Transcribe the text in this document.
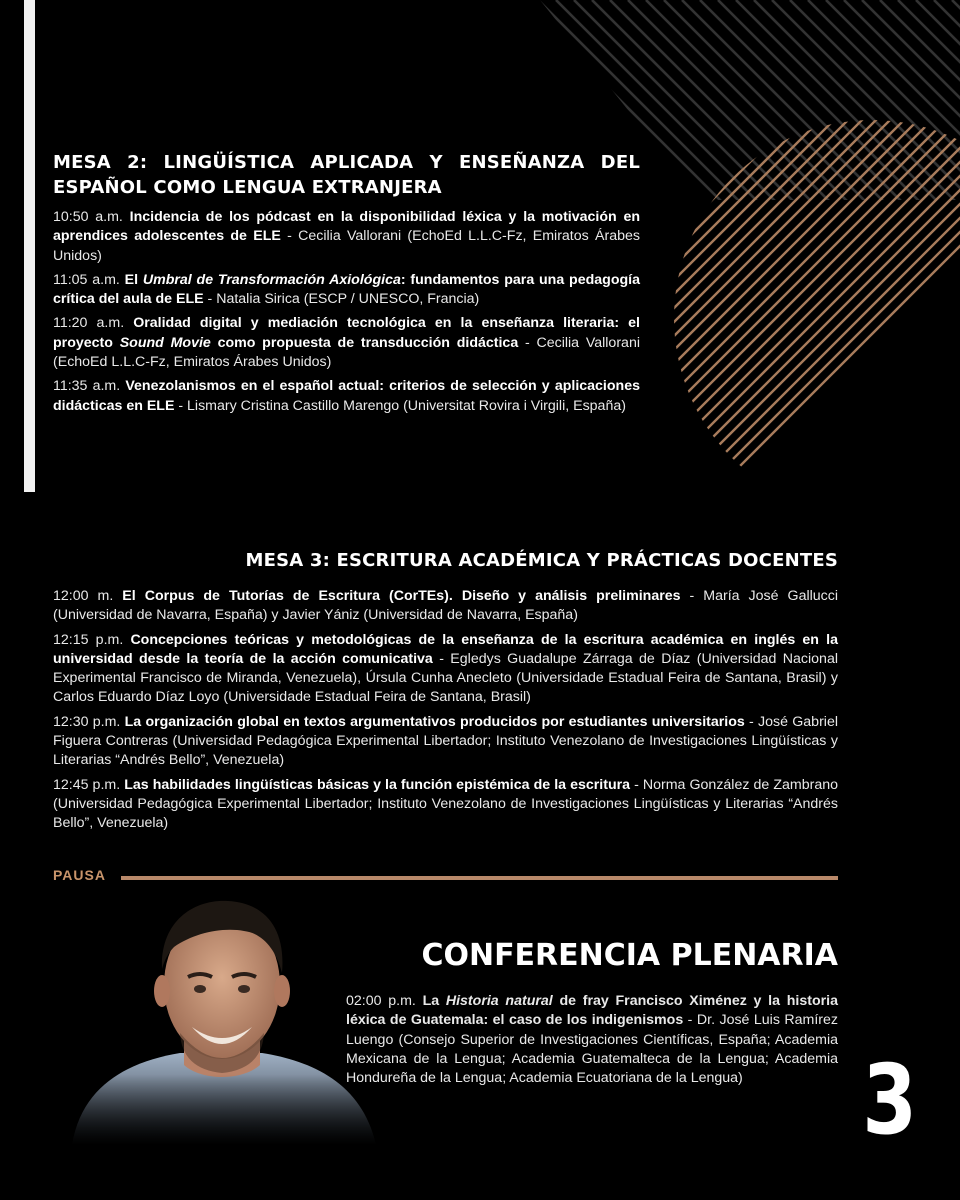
MESA 2: LINGÜÍSTICA APLICADA Y ENSEÑANZA DEL ESPAÑOL COMO LENGUA EXTRANJERA

10:50 a.m. Incidencia de los pódcast en la disponibilidad léxica y la motivación en aprendices adolescentes de ELE - Cecilia Vallorani (EchoEd L.L.C-Fz, Emiratos Árabes Unidos)

11:05 a.m. El Umbral de Transformación Axiológica: fundamentos para una pedagogía crítica del aula de ELE - Natalia Sirica (ESCP / UNESCO, Francia)

11:20 a.m. Oralidad digital y mediación tecnológica en la enseñanza literaria: el proyecto Sound Movie como propuesta de transducción didáctica - Cecilia Vallorani (EchoEd L.L.C-Fz, Emiratos Árabes Unidos)

11:35 a.m. Venezolanismos en el español actual: criterios de selección y aplicaciones didácticas en ELE - Lismary Cristina Castillo Marengo (Universitat Rovira i Virgili, España)

MESA 3: ESCRITURA ACADÉMICA Y PRÁCTICAS DOCENTES

12:00 m. El Corpus de Tutorías de Escritura (CorTEs). Diseño y análisis preliminares - María José Gallucci (Universidad de Navarra, España) y Javier Yániz (Universidad de Navarra, España)

12:15 p.m. Concepciones teóricas y metodológicas de la enseñanza de la escritura académica en inglés en la universidad desde la teoría de la acción comunicativa - Egledys Guadalupe Zárraga de Díaz (Universidad Nacional Experimental Francisco de Miranda, Venezuela), Úrsula Cunha Anecleto (Universidade Estadual Feira de Santana, Brasil) y Carlos Eduardo Díaz Loyo (Universidade Estadual Feira de Santana, Brasil)

12:30 p.m. La organización global en textos argumentativos producidos por estudiantes universitarios - José Gabriel Figuera Contreras (Universidad Pedagógica Experimental Libertador; Instituto Venezolano de Investigaciones Lingüísticas y Literarias “Andrés Bello”, Venezuela)

12:45 p.m. Las habilidades lingüísticas básicas y la función epistémica de la escritura - Norma González de Zambrano (Universidad Pedagógica Experimental Libertador; Instituto Venezolano de Investigaciones Lingüísticas y Literarias “Andrés Bello”, Venezuela)

PAUSA
CONFERENCIA PLENARIA

02:00 p.m. La Historia natural de fray Francisco Ximénez y la historia léxica de Guatemala: el caso de los indigenismos - Dr. José Luis Ramírez Luengo (Consejo Superior de Investigaciones Científicas, España; Academia Mexicana de la Lengua; Academia Guatemalteca de la Lengua; Academia Hondureña de la Lengua; Academia Ecuatoriana de la Lengua)	3
